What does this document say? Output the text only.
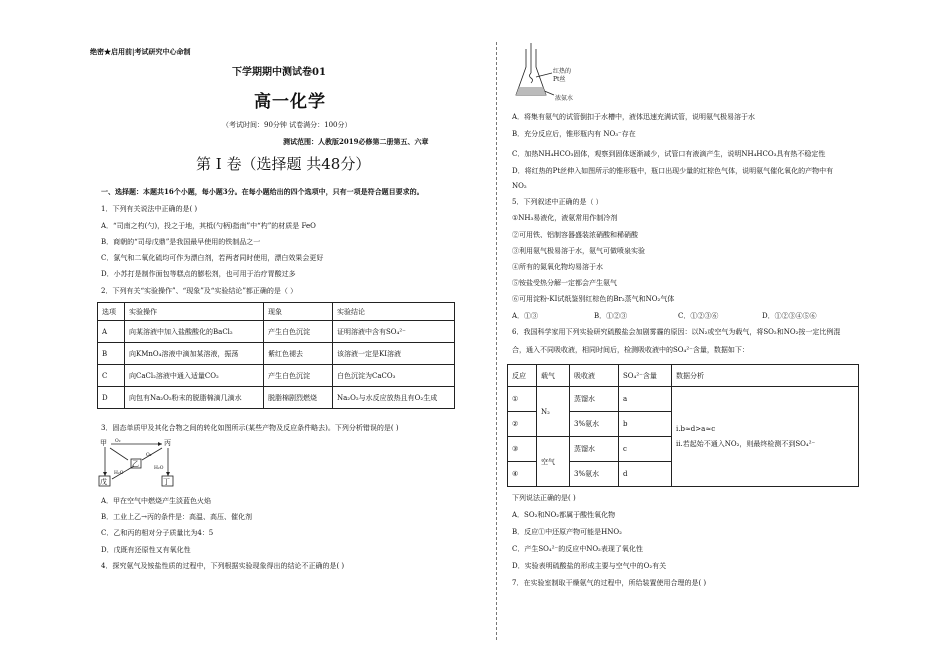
绝密★启用前|考试研究中心命制
下学期期中测试卷01
高一化学
（考试时间：90分钟 试卷满分：100分）
测试范围：人教版2019必修第二册第五、六章
第 I 卷（选择题 共48分）
一、选择题：本题共16个小题，每小题3分。在每小题给出的四个选项中，只有一项是符合题目要求的。
1．下列有关说法中正确的是( )
A．“司南之杓(勺)，投之于地，其柢(勺柄)指南”中“杓”的材质是 FeO
B．商朝的“司母戊鼎”是我国最早使用的铁制品之一
C．氯气和二氧化硫均可作为漂白剂，若两者同时使用，漂白效果会更好
D．小苏打是制作面包等糕点的膨松剂，也可用于治疗胃酸过多
2．下列有关“实验操作”、“现象”及“实验结论”都正确的是（ ）
选项	实验操作	现象	实验结论
A	向某溶液中加入盐酸酸化的BaCl₂	产生白色沉淀	证明溶液中含有SO₄²⁻
B	向KMnO₄溶液中滴加某溶液，振荡	紫红色褪去	该溶液一定是KI溶液
C	向CaCl₂溶液中通入适量CO₂	产生白色沉淀	白色沉淀为CaCO₃
D	向包有Na₂O₂粉末的脱脂棉滴几滴水	脱脂棉剧烈燃烧	Na₂O₂与水反应放热且有O₂生成
3．固态单质甲及其化合物之间的转化如图所示(某些产物及反应条件略去)。下列分析错误的是( )
甲	丙
乙
丁
戊
O₂
O₂
H₂O
H₂O
A．甲在空气中燃烧产生淡蓝色火焰
B．工业上乙→丙的条件是：高温、高压、催化剂
C．乙和丙的相对分子质量比为4：5
D．戊既有还原性又有氧化性
4．探究氨气及铵盐性质的过程中，下列根据实验现象得出的结论不正确的是( )
红热的
Pt丝
浓氨水
A．将集有氨气的试管倒扣于水槽中，液体迅速充满试管，说明氨气极易溶于水
B．充分反应后，锥形瓶内有 NO₃⁻存在
C．加热NH₄HCO₃固体，观察到固体逐渐减少，试管口有液滴产生，说明NH₄HCO₃具有热不稳定性
D．将红热的Pt丝伸入如图所示的锥形瓶中，瓶口出现少量的红棕色气体，说明氨气催化氧化的产物中有
NO₂
5．下列叙述中正确的是（ ）
①NH₃易液化，液氨常用作制冷剂
②可用铁、铝制容器盛装浓硝酸和稀硝酸
③利用氨气极易溶于水，氨气可做喷泉实验
④所有的氮氧化物均易溶于水
⑤铵盐受热分解一定都会产生氨气
⑥可用淀粉-KI试纸鉴别红棕色的Br₂蒸气和NO₂气体
A．①③	B．①②③	C．①②③⑥	D．①②③④⑤⑥
6．我国科学家用下列实验研究硫酸盐会加剧雾霾的原因：以N₂或空气为载气，将SO₂和NO₂按一定比例混
合，通入不同吸收液，相同时间后，检测吸收液中的SO₄²⁻含量，数据如下：
反应	载气	吸收液	SO₄²⁻含量	数据分析
①	N₂	蒸馏水	a	ⅰ.b≈d>a≈c
ⅱ.若起始不通入NO₂，则最终检测不到SO₄²⁻

②		3%氨水	b	
③	空气	蒸馏水	c	
④		3%氨水	d	
下列说法正确的是( )
A．SO₂和NO₂都属于酸性氧化物
B．反应①中还原产物可能是HNO₂
C．产生SO₄²⁻的反应中NO₂表现了氧化性
D．实验表明硫酸盐的形成主要与空气中的O₂有关
7．在实验室制取干燥氨气的过程中，所给装置使用合理的是( )
